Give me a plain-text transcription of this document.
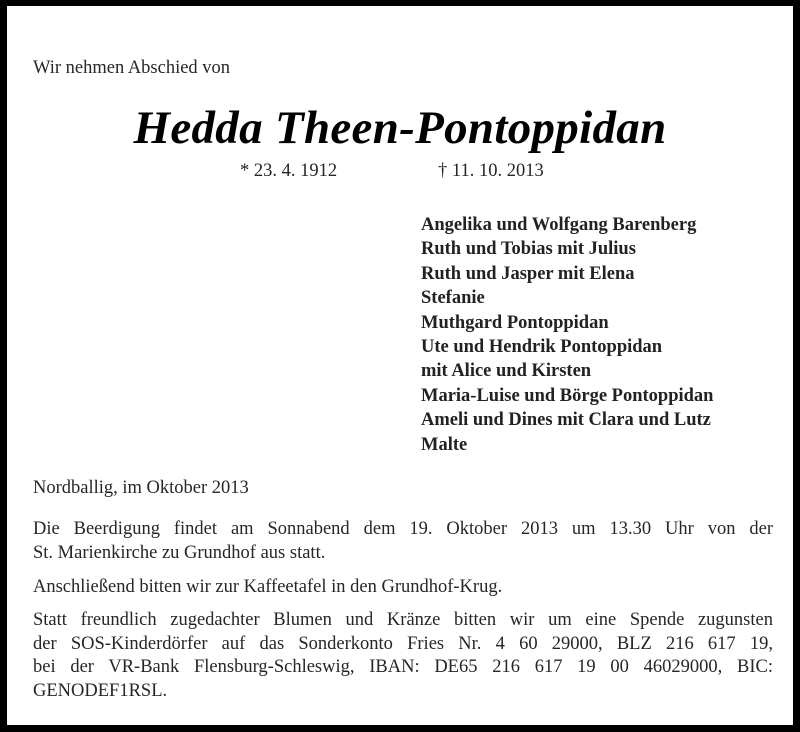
Wir nehmen Abschied von
Hedda Theen-Pontoppidan
* 23. 4. 1912	† 11. 10. 2013
Angelika und Wolfgang Barenberg
Ruth und Tobias mit Julius
Ruth und Jasper mit Elena
Stefanie
Muthgard Pontoppidan
Ute und Hendrik Pontoppidan
mit Alice und Kirsten
Maria-Luise und Börge Pontoppidan
Ameli und Dines mit Clara und Lutz
Malte
Nordballig, im Oktober 2013
Die Beerdigung findet am Sonnabend dem 19. Oktober 2013 um 13.30 Uhr von der
St. Marienkirche zu Grundhof aus statt.
Anschließend bitten wir zur Kaffeetafel in den Grundhof-Krug.
Statt freundlich zugedachter Blumen und Kränze bitten wir um eine Spende zugunsten
der SOS-Kinderdörfer auf das Sonderkonto Fries Nr. 4 60 29000, BLZ 216 617 19,
bei der VR-Bank Flensburg-Schleswig, IBAN: DE65 216 617 19 00 46029000, BIC:
GENODEF1RSL.
